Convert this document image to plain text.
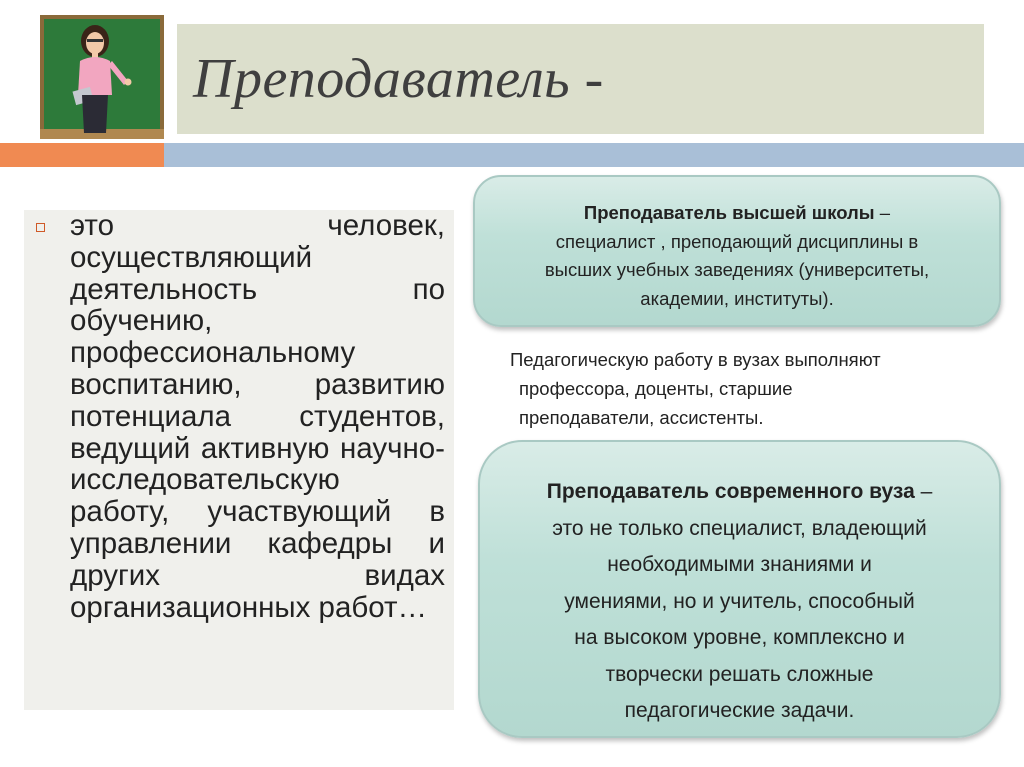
Преподаватель -

это человек, осуществляющий деятельность по обучению, профессиональному воспитанию, развитию потенциала студентов, ведущий активную научно-исследовательскую работу, участвующий в управлении кафедры и других видах организационных работ…

Преподаватель высшей школы –

специалист , преподающий дисциплины в

высших учебных заведениях (университеты,

академии, институты).

Педагогическую работу в вузах выполняют
профессора, доценты, старшие
преподаватели, ассистенты.

Преподаватель современного вуза –

это не только специалист, владеющий

необходимыми знаниями и

умениями, но и учитель, способный

на высоком уровне, комплексно и

творчески решать сложные

педагогические задачи.
